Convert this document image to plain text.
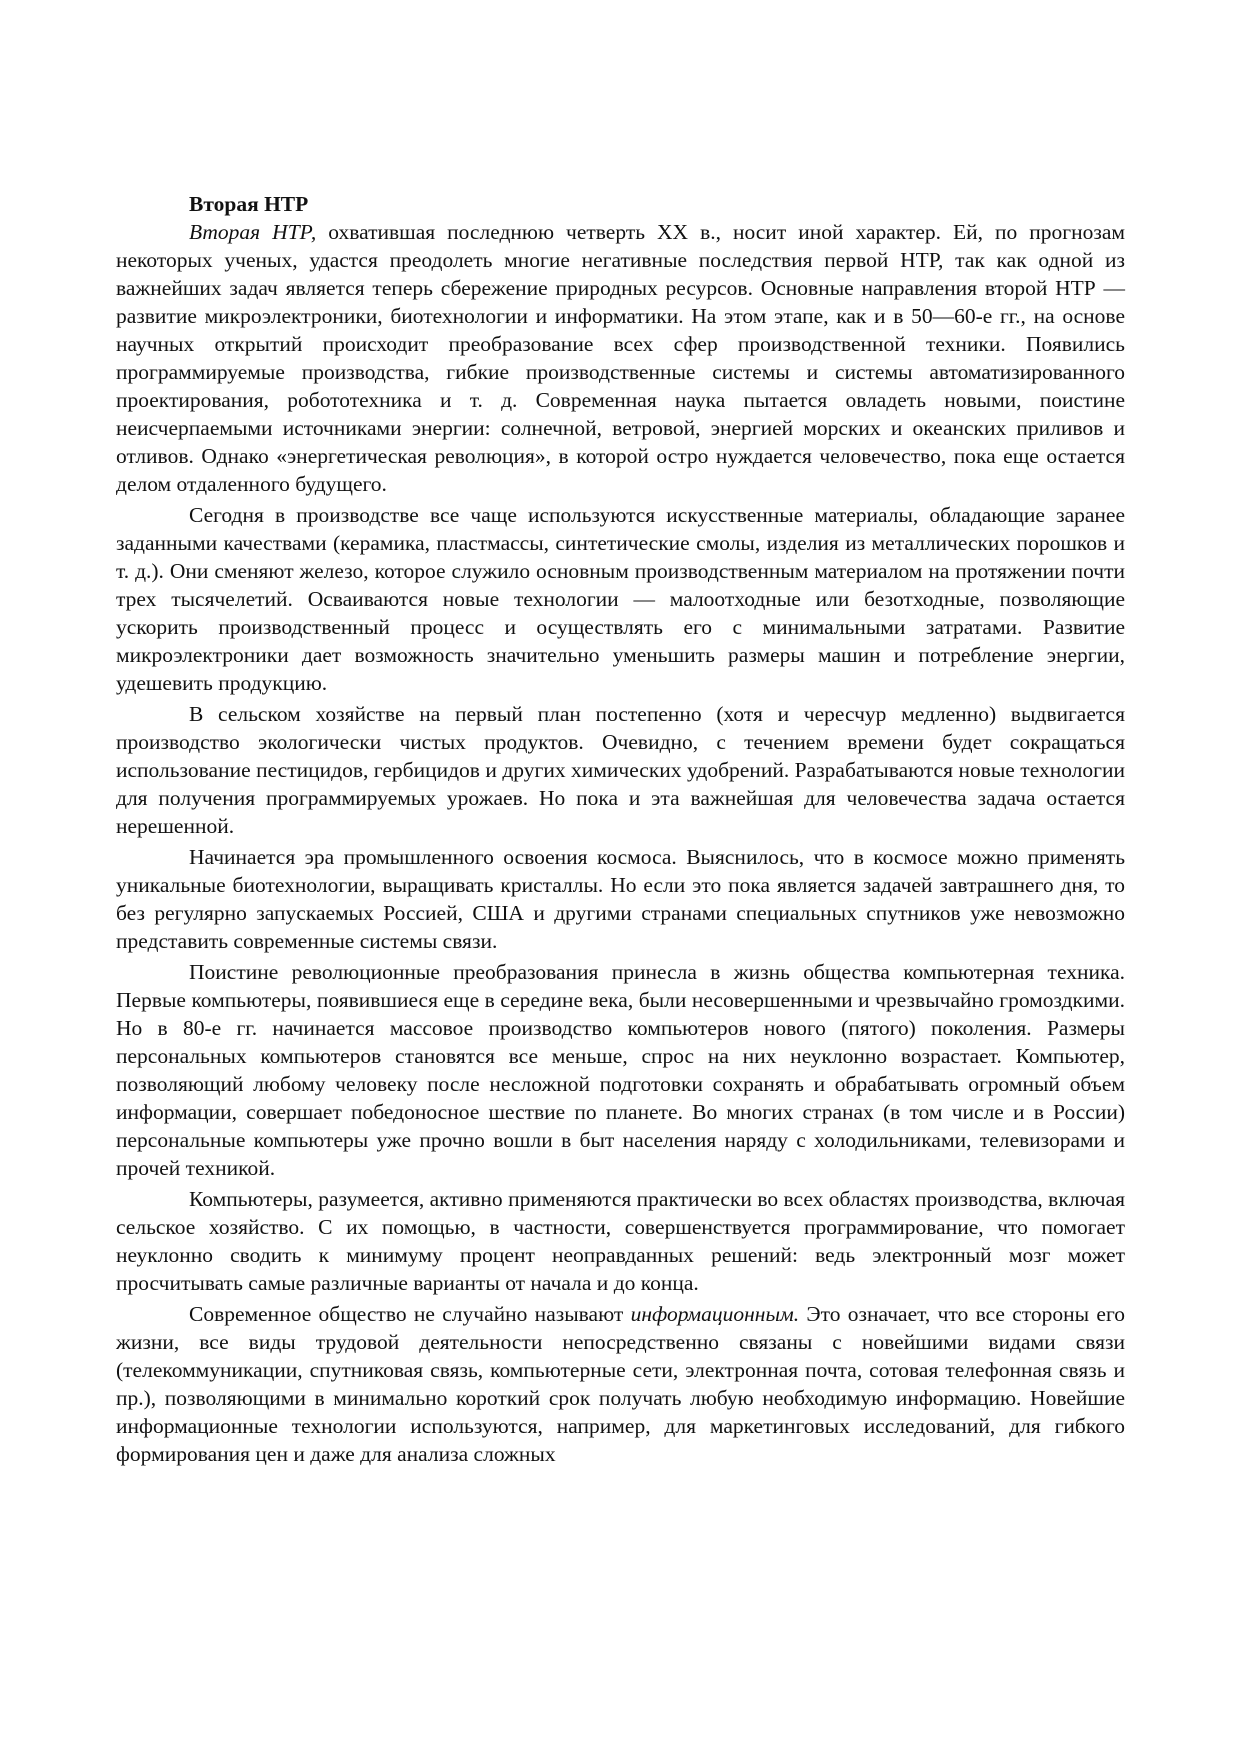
Вторая НТР

Вторая НТР, охватившая последнюю четверть XX в., носит иной характер. Ей, по прогнозам некоторых ученых, удастся преодолеть многие негативные последствия первой НТР, так как одной из важнейших задач является теперь сбережение природных ресурсов. Основные направления второй НТР — развитие микроэлектроники, биотехнологии и информатики. На этом этапе, как и в 50—60-е гг., на основе научных открытий происходит преобразование всех сфер производственной техники. Появились программируемые производства, гибкие производственные системы и системы автоматизированного проектирования, робототехника и т. д. Современная наука пытается овладеть новыми, поистине неисчерпаемыми источниками энергии: солнечной, ветровой, энергией морских и океанских приливов и отливов. Однако «энергетическая революция», в которой остро нуждается человечество, пока еще остается делом отдаленного будущего.

Сегодня в производстве все чаще используются искусственные материалы, обладающие заранее заданными качествами (керамика, пластмассы, синтетические смолы, изделия из металлических порошков и т. д.). Они сменяют железо, которое служило основным производственным материалом на протяжении почти трех тысячелетий. Осваиваются новые технологии — малоотходные или безотходные, позволяющие ускорить производственный процесс и осуществлять его с минимальными затратами. Развитие микроэлектроники дает возможность значительно уменьшить размеры машин и потребление энергии, удешевить продукцию.

В сельском хозяйстве на первый план постепенно (хотя и чересчур медленно) выдвигается производство экологически чистых продуктов. Очевидно, с течением времени будет сокращаться использование пестицидов, гербицидов и других химических удобрений. Разрабатываются новые технологии для получения программируемых урожаев. Но пока и эта важнейшая для человечества задача остается нерешенной.

Начинается эра промышленного освоения космоса. Выяснилось, что в космосе можно применять уникальные биотехнологии, выращивать кристаллы. Но если это пока является задачей завтрашнего дня, то без регулярно запускаемых Россией, США и другими странами специальных спутников уже невозможно представить современные системы связи.

Поистине революционные преобразования принесла в жизнь общества компьютерная техника. Первые компьютеры, появившиеся еще в середине века, были несовершенными и чрезвычайно громоздкими. Но в 80-е гг. начинается массовое производство компьютеров нового (пятого) поколения. Размеры персональных компьютеров становятся все меньше, спрос на них неуклонно возрастает. Компьютер, позволяющий любому человеку после несложной подготовки сохранять и обрабатывать огромный объем информации, совершает победоносное шествие по планете. Во многих странах (в том числе и в России) персональные компьютеры уже прочно вошли в быт населения наряду с холодильниками, телевизорами и прочей техникой.

Компьютеры, разумеется, активно применяются практически во всех областях производства, включая сельское хозяйство. С их помощью, в частности, совершенствуется программирование, что помогает неуклонно сводить к минимуму процент неоправданных решений: ведь электронный мозг может просчитывать самые различные варианты от начала и до конца.

Современное общество не случайно называют информационным. Это означает, что все стороны его жизни, все виды трудовой деятельности непосредственно связаны с новейшими видами связи (телекоммуникации, спутниковая связь, компьютерные сети, электронная почта, сотовая телефонная связь и пр.), позволяющими в минимально короткий срок получать любую необходимую информацию. Новейшие информационные технологии используются, например, для маркетинговых исследований, для гибкого формирования цен и даже для анализа сложных
